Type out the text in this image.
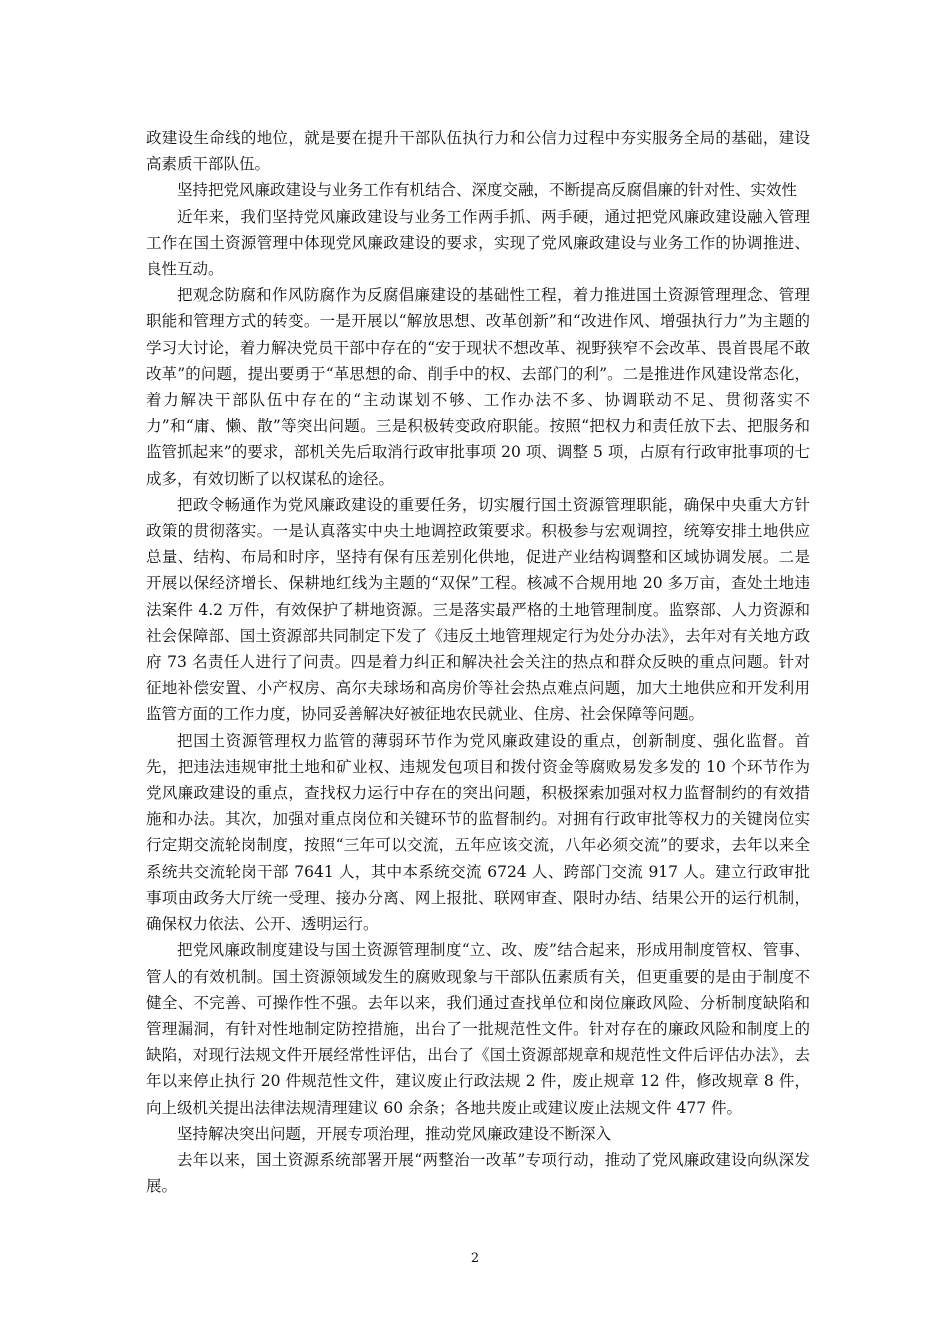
政建设生命线的地位，就是要在提升干部队伍执行力和公信力过程中夯实服务全局的基础，建设高素质干部队伍。

坚持把党风廉政建设与业务工作有机结合、深度交融，不断提高反腐倡廉的针对性、实效性

近年来，我们坚持党风廉政建设与业务工作两手抓、两手硬，通过把党风廉政建设融入管理工作在国土资源管理中体现党风廉政建设的要求，实现了党风廉政建设与业务工作的协调推进、良性互动。

把观念防腐和作风防腐作为反腐倡廉建设的基础性工程，着力推进国土资源管理理念、管理职能和管理方式的转变。一是开展以“解放思想、改革创新”和“改进作风、增强执行力”为主题的学习大讨论，着力解决党员干部中存在的“安于现状不想改革、视野狭窄不会改革、畏首畏尾不敢改革”的问题，提出要勇于“革思想的命、削手中的权、去部门的利”。二是推进作风建设常态化，着力解决干部队伍中存在的“主动谋划不够、工作办法不多、协调联动不足、贯彻落实不力”和“庸、懒、散”等突出问题。三是积极转变政府职能。按照“把权力和责任放下去、把服务和监管抓起来”的要求，部机关先后取消行政审批事项 20 项、调整 5 项，占原有行政审批事项的七成多，有效切断了以权谋私的途径。

把政令畅通作为党风廉政建设的重要任务，切实履行国土资源管理职能，确保中央重大方针政策的贯彻落实。一是认真落实中央土地调控政策要求。积极参与宏观调控，统筹安排土地供应总量、结构、布局和时序，坚持有保有压差别化供地，促进产业结构调整和区域协调发展。二是开展以保经济增长、保耕地红线为主题的“双保”工程。核减不合规用地 20 多万亩，查处土地违法案件 4.2 万件，有效保护了耕地资源。三是落实最严格的土地管理制度。监察部、人力资源和社会保障部、国土资源部共同制定下发了《违反土地管理规定行为处分办法》，去年对有关地方政府 73 名责任人进行了问责。四是着力纠正和解决社会关注的热点和群众反映的重点问题。针对征地补偿安置、小产权房、高尔夫球场和高房价等社会热点难点问题，加大土地供应和开发利用监管方面的工作力度，协同妥善解决好被征地农民就业、住房、社会保障等问题。

把国土资源管理权力监管的薄弱环节作为党风廉政建设的重点，创新制度、强化监督。首先，把违法违规审批土地和矿业权、违规发包项目和拨付资金等腐败易发多发的 10 个环节作为党风廉政建设的重点，查找权力运行中存在的突出问题，积极探索加强对权力监督制约的有效措施和办法。其次，加强对重点岗位和关键环节的监督制约。对拥有行政审批等权力的关键岗位实行定期交流轮岗制度，按照“三年可以交流，五年应该交流，八年必须交流”的要求，去年以来全系统共交流轮岗干部 7641 人，其中本系统交流 6724 人、跨部门交流 917 人。建立行政审批事项由政务大厅统一受理、接办分离、网上报批、联网审查、限时办结、结果公开的运行机制，确保权力依法、公开、透明运行。

把党风廉政制度建设与国土资源管理制度“立、改、废”结合起来，形成用制度管权、管事、管人的有效机制。国土资源领域发生的腐败现象与干部队伍素质有关，但更重要的是由于制度不健全、不完善、可操作性不强。去年以来，我们通过查找单位和岗位廉政风险、分析制度缺陷和管理漏洞，有针对性地制定防控措施，出台了一批规范性文件。针对存在的廉政风险和制度上的缺陷，对现行法规文件开展经常性评估，出台了《国土资源部规章和规范性文件后评估办法》，去年以来停止执行 20 件规范性文件，建议废止行政法规 2 件，废止规章 12 件，修改规章 8 件，向上级机关提出法律法规清理建议 60 余条；各地共废止或建议废止法规文件 477 件。

坚持解决突出问题，开展专项治理，推动党风廉政建设不断深入

去年以来，国土资源系统部署开展“两整治一改革”专项行动，推动了党风廉政建设向纵深发展。

2
